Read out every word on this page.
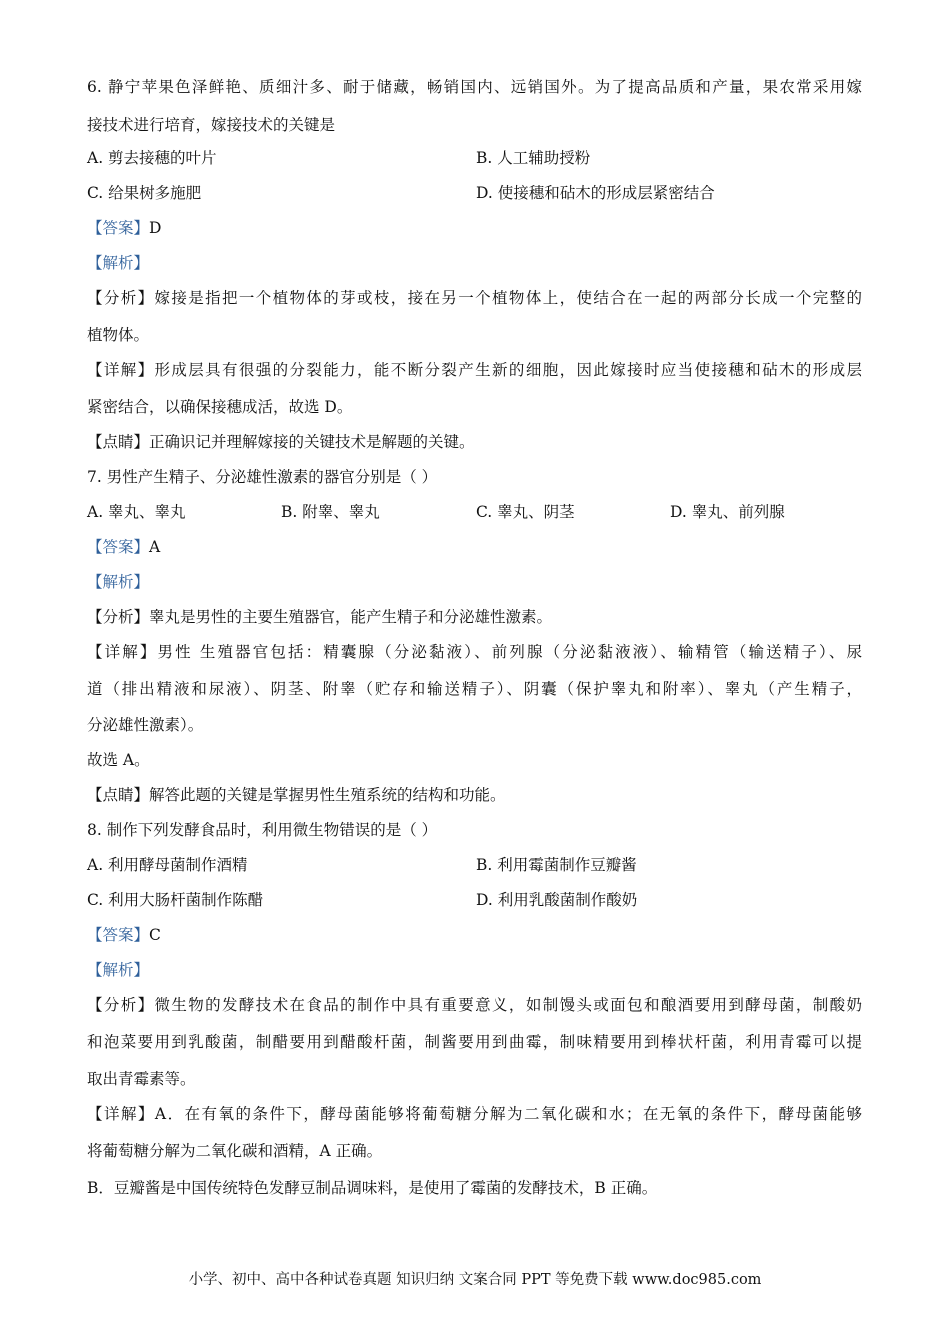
6. 静宁苹果色泽鲜艳、质细汁多、耐于储藏，畅销国内、远销国外。为了提高品质和产量，果农常采用嫁
接技术进行培育，嫁接技术的关键是
A. 剪去接穗的叶片	B. 人工辅助授粉
C. 给果树多施肥	D. 使接穗和砧木的形成层紧密结合
【答案】D
【解析】
【分析】嫁接是指把一个植物体的芽或枝，接在另一个植物体上，使结合在一起的两部分长成一个完整的
植物体。
【详解】形成层具有很强的分裂能力，能不断分裂产生新的细胞，因此嫁接时应当使接穗和砧木的形成层
紧密结合，以确保接穗成活，故选 D。
【点睛】正确识记并理解嫁接的关键技术是解题的关键。
7. 男性产生精子、分泌雄性激素的器官分别是（ ）
A. 睾丸、睾丸	B. 附睾、睾丸	C. 睾丸、阴茎	D. 睾丸、前列腺
【答案】A
【解析】
【分析】睾丸是男性的主要生殖器官，能产生精子和分泌雄性激素。
【详解】男性 生殖器官包括：精囊腺（分泌黏液）、前列腺（分泌黏液液）、输精管（输送精子）、尿
道（排出精液和尿液）、阴茎、附睾（贮存和输送精子）、阴囊（保护睾丸和附率）、睾丸（产生精子，
分泌雄性激素）。
故选 A。
【点睛】解答此题的关键是掌握男性生殖系统的结构和功能。
8. 制作下列发酵食品时，利用微生物错误的是（ ）
A. 利用酵母菌制作酒精	B. 利用霉菌制作豆瓣酱
C. 利用大肠杆菌制作陈醋	D. 利用乳酸菌制作酸奶
【答案】C
【解析】
【分析】微生物的发酵技术在食品的制作中具有重要意义，如制馒头或面包和酿酒要用到酵母菌，制酸奶
和泡菜要用到乳酸菌，制醋要用到醋酸杆菌，制酱要用到曲霉，制味精要用到棒状杆菌，利用青霉可以提
取出青霉素等。
【详解】A．在有氧的条件下，酵母菌能够将葡萄糖分解为二氧化碳和水；在无氧的条件下，酵母菌能够
将葡萄糖分解为二氧化碳和酒精，A 正确。
B．豆瓣酱是中国传统特色发酵豆制品调味料，是使用了霉菌的发酵技术，B 正确。
小学、初中、高中各种试卷真题 知识归纳 文案合同 PPT 等免费下载 www.doc985.com
